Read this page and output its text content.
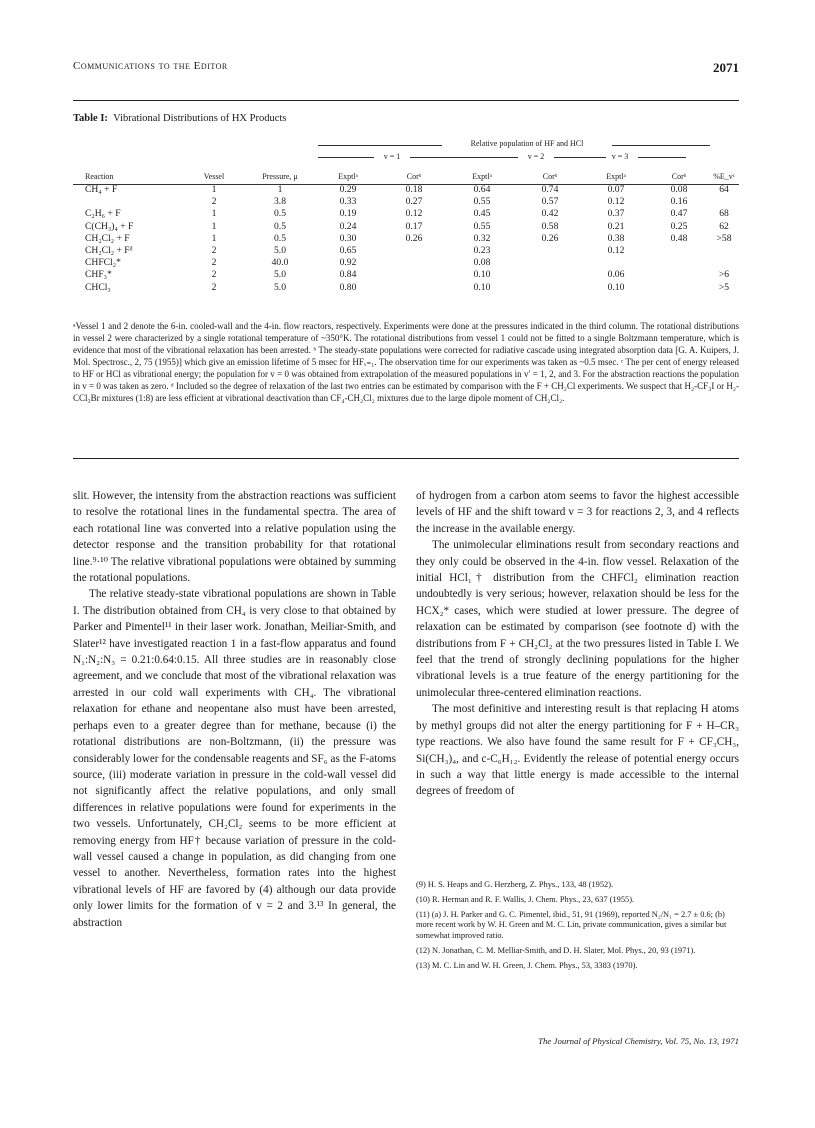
Communications to the Editor	2071
Table I: Vibrational Distributions of HX Products
Relative population of HF and HCl
v = 1	v = 2	v = 3
Reaction	Vessel	Pressure, μ	Exptlᵃ	Corᵇ	Exptlᵃ	Corᵇ	Exptlᵃ	Corᵇ	%E_vᶜ
CH₄ + F	1	1	0.29	0.18	0.64	0.74	0.07	0.08	64
	2	3.8	0.33	0.27	0.55	0.57	0.12	0.16	
C₂H₆ + F	1	0.5	0.19	0.12	0.45	0.42	0.37	0.47	68
C(CH₃)₄ + F	1	0.5	0.24	0.17	0.55	0.58	0.21	0.25	62
CH₂Cl₂ + F	1	0.5	0.30	0.26	0.32	0.26	0.38	0.48	>58
CH₂Cl₂ + Fᵈ	2	5.0	0.65		0.23		0.12		
CHFCl₂*	2	40.0	0.92		0.08				
CHF₃*	2	5.0	0.84		0.10		0.06		>6
CHCl₃	2	5.0	0.80		0.10		0.10		>5
ᵃVessel 1 and 2 denote the 6-in. cooled-wall and the 4-in. flow reactors, respectively. Experiments were done at the pressures indicated in the third column. The rotational distributions in vessel 2 were characterized by a single rotational temperature of ~350°K. The rotational distributions from vessel 1 could not be fitted to a single Boltzmann temperature, which is evidence that most of the vibrational relaxation has been arrested. ᵇ The steady-state populations were corrected for radiative cascade using integrated absorption data [G. A. Kuipers, J. Mol. Spectrosc., 2, 75 (1955)] which give an emission lifetime of 5 msec for HFᵥ₌₁. The observation time for our experiments was taken as ~0.5 msec. ᶜ The per cent of energy released to HF or HCl as vibrational energy; the population for v = 0 was obtained from extrapolation of the measured populations in v′ = 1, 2, and 3. For the abstraction reactions the population in v = 0 was taken as zero. ᵈ Included so the degree of relaxation of the last two entries can be estimated by comparison with the F + CH₂Cl experiments. We suspect that H₂-CF₃I or H₂-CCl₃Br mixtures (1:8) are less efficient at vibrational deactivation than CF₄-CH₂Cl₂ mixtures due to the large dipole moment of CH₂Cl₂.

slit. However, the intensity from the abstraction reactions was sufficient to resolve the rotational lines in the fundamental spectra. The area of each rotational line was converted into a relative population using the detector response and the transition probability for that rotational line.⁹·¹⁰ The relative vibrational populations were obtained by summing the rotational populations.

The relative steady-state vibrational populations are shown in Table I. The distribution obtained from CH₄ is very close to that obtained by Parker and Pimentel¹¹ in their laser work. Jonathan, Meiliar-Smith, and Slater¹² have investigated reaction 1 in a fast-flow apparatus and found N₁:N₂:N₃ = 0.21:0.64:0.15. All three studies are in reasonably close agreement, and we conclude that most of the vibrational relaxation was arrested in our cold wall experiments with CH₄. The vibrational relaxation for ethane and neopentane also must have been arrested, perhaps even to a greater degree than for methane, because (i) the rotational distributions are non-Boltzmann, (ii) the pressure was considerably lower for the condensable reagents and SF₆ as the F-atoms source, (iii) moderate variation in pressure in the cold-wall vessel did not significantly affect the relative populations, and only small differences in relative populations were found for experiments in the two vessels. Unfortunately, CH₂Cl₂ seems to be more efficient at removing energy from HF† because variation of pressure in the cold-wall vessel caused a change in population, as did changing from one vessel to another. Nevertheless, formation rates into the highest vibrational levels of HF are favored by (4) although our data provide only lower limits for the formation of v = 2 and 3.¹³ In general, the abstraction

of hydrogen from a carbon atom seems to favor the highest accessible levels of HF and the shift toward v = 3 for reactions 2, 3, and 4 reflects the increase in the available energy.

The unimolecular eliminations result from secondary reactions and they only could be observed in the 4-in. flow vessel. Relaxation of the initial HCl₁† distribution from the CHFCl₂ elimination reaction undoubtedly is very serious; however, relaxation should be less for the HCX₂* cases, which were studied at lower pressure. The degree of relaxation can be estimated by comparison (see footnote d) with the distributions from F + CH₂Cl₂ at the two pressures listed in Table I. We feel that the trend of strongly declining populations for the higher vibrational levels is a true feature of the energy partitioning for the unimolecular three-centered elimination reactions.

The most definitive and interesting result is that replacing H atoms by methyl groups did not alter the energy partitioning for F + H–CR₃ type reactions. We also have found the same result for F + CF₃CH₃, Si(CH₃)₄, and c-C₆H₁₂. Evidently the release of potential energy occurs in such a way that little energy is made accessible to the internal degrees of freedom of

(9) H. S. Heaps and G. Herzberg, Z. Phys., 133, 48 (1952).
(10) R. Herman and R. F. Wallis, J. Chem. Phys., 23, 637 (1955).
(11) (a) J. H. Parker and G. C. Pimentel, ibid., 51, 91 (1969), reported N₂/N₁ = 2.7 ± 0.6; (b) more recent work by W. H. Green and M. C. Lin, private communication, gives a similar but somewhat improved ratio.
(12) N. Jonathan, C. M. Melliar-Smith, and D. H. Slater, Mol. Phys., 20, 93 (1971).
(13) M. C. Lin and W. H. Green, J. Chem. Phys., 53, 3383 (1970).
The Journal of Physical Chemistry, Vol. 75, No. 13, 1971
